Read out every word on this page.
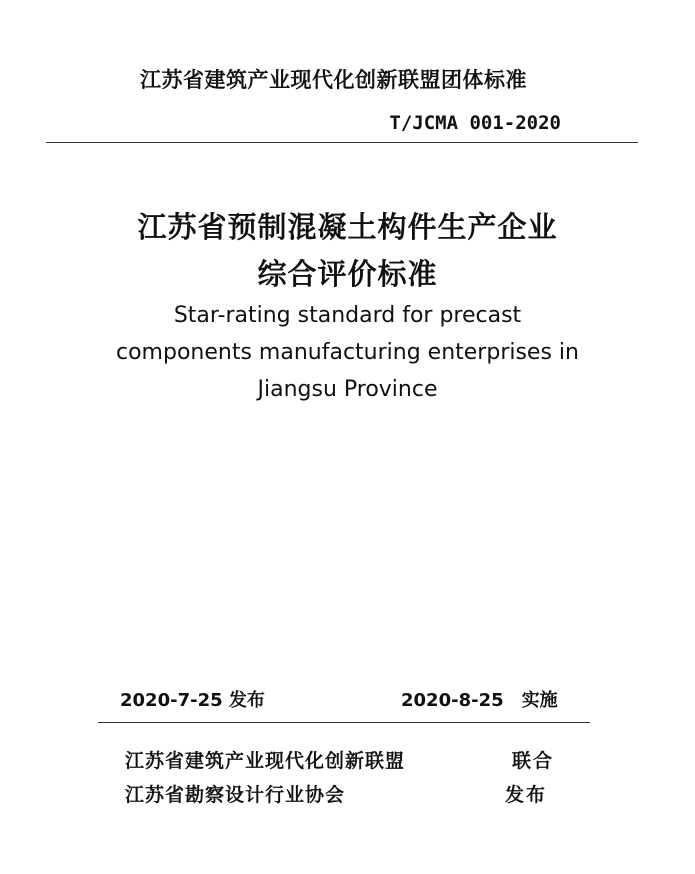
江苏省建筑产业现代化创新联盟团体标准
T/JCMA 001-2020
江苏省预制混凝土构件生产企业
综合评价标准
Star-rating standard for precast
components manufacturing enterprises in
Jiangsu Province
2020-7-25 发布	2020-8-25　实施
江苏省建筑产业现代化创新联盟	联合
江苏省勘察设计行业协会	发布
